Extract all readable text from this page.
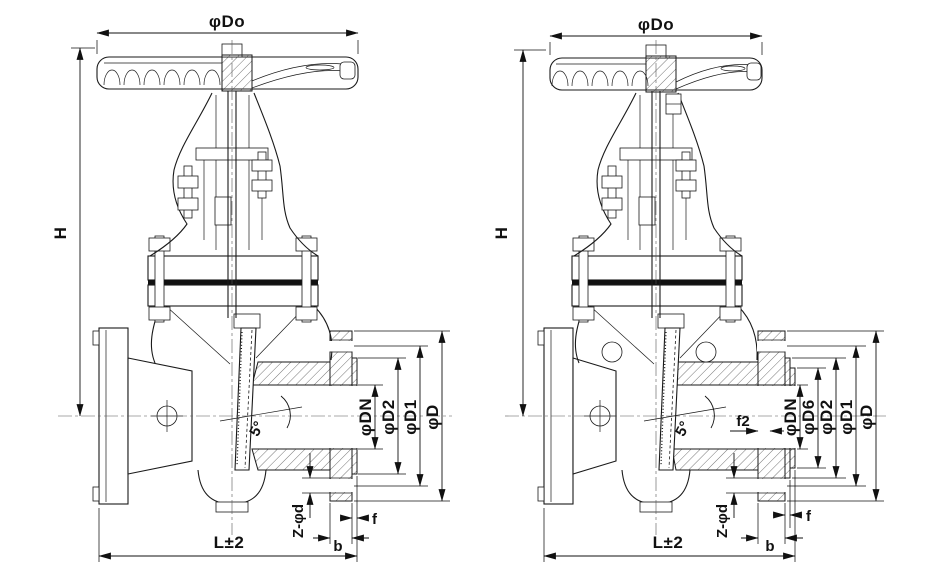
5°
φDo
H
φDN φD2 φD1 φD
Z-φd	f
b
L±2
5°
φDo
H
φDN φD6 φD2 φD1 φD
f2
Z-φd	f
b
L±2
